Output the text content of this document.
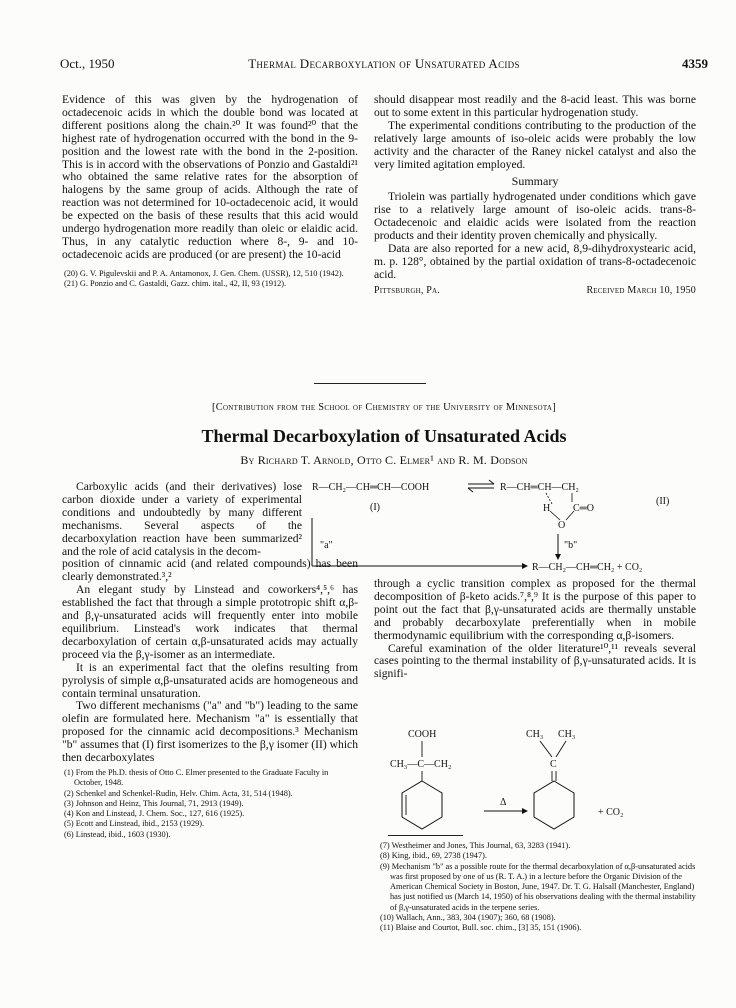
Oct., 1950	Thermal Decarboxylation of Unsaturated Acids	4359

Evidence of this was given by the hydrogenation of octadecenoic acids in which the double bond was located at different positions along the chain.²⁰ It was found²⁰ that the highest rate of hydrogenation occurred with the bond in the 9-position and the lowest rate with the bond in the 2-position. This is in accord with the observations of Ponzio and Gastaldi²¹ who obtained the same relative rates for the absorption of halogens by the same group of acids. Although the rate of reaction was not determined for 10-octadecenoic acid, it would be expected on the basis of these results that this acid would undergo hydrogenation more readily than oleic or elaidic acid. Thus, in any catalytic reduction where 8-, 9- and 10-octadecenoic acids are produced (or are present) the 10-acid

(20) G. V. Pigulevskii and P. A. Antamonox, J. Gen. Chem. (USSR), 12, 510 (1942).

(21) G. Ponzio and C. Gastaldi, Gazz. chim. ital., 42, II, 93 (1912).

should disappear most readily and the 8-acid least. This was borne out to some extent in this particular hydrogenation study.

The experimental conditions contributing to the production of the relatively large amounts of iso-oleic acids were probably the low activity and the character of the Raney nickel catalyst and also the very limited agitation employed.

Summary

Triolein was partially hydrogenated under conditions which gave rise to a relatively large amount of iso-oleic acids. trans-8-Octadecenoic and elaidic acids were isolated from the reaction products and their identity proven chemically and physically.

Data are also reported for a new acid, 8,9-dihydroxystearic acid, m. p. 128°, obtained by the partial oxidation of trans-8-octadecenoic acid.

Pittsburgh, Pa.	Received March 10, 1950
[Contribution from the School of Chemistry of the University of Minnesota]
Thermal Decarboxylation of Unsaturated Acids
By Richard T. Arnold, Otto C. Elmer¹ and R. M. Dodson
R—CH₂—CH═CH—COOH
(I)
R—CH═CH—CH₂
H
O
C═O
(II)
"a"	"b"
R—CH₂—CH═CH₂ + CO₂

Carboxylic acids (and their derivatives) lose carbon dioxide under a variety of experimental conditions and undoubtedly by many different mechanisms. Several aspects of the decarboxylation reaction have been summarized² and the role of acid catalysis in the decom-

position of cinnamic acid (and related compounds) has been clearly demonstrated.³,²

An elegant study by Linstead and coworkers⁴,⁵,⁶ has established the fact that through a simple prototropic shift α,β- and β,γ-unsaturated acids will frequently enter into mobile equilibrium. Linstead's work indicates that thermal decarboxylation of certain α,β-unsaturated acids may actually proceed via the β,γ-isomer as an intermediate.

It is an experimental fact that the olefins resulting from pyrolysis of simple α,β-unsaturated acids are homogeneous and contain terminal unsaturation.

Two different mechanisms ("a" and "b") leading to the same olefin are formulated here. Mechanism "a" is essentially that proposed for the cinnamic acid decompositions.³ Mechanism "b" assumes that (I) first isomerizes to the β,γ isomer (II) which then decarboxylates

(1) From the Ph.D. thesis of Otto C. Elmer presented to the Graduate Faculty in October, 1948.

(2) Schenkel and Schenkel-Rudin, Helv. Chim. Acta, 31, 514 (1948).

(3) Johnson and Heinz, This Journal, 71, 2913 (1949).

(4) Kon and Linstead, J. Chem. Soc., 127, 616 (1925).

(5) Ecott and Linstead, ibid., 2153 (1929).

(6) Linstead, ibid., 1603 (1930).

through a cyclic transition complex as proposed for the thermal decomposition of β-keto acids.⁷,⁸,⁹ It is the purpose of this paper to point out the fact that β,γ-unsaturated acids are thermally unstable and probably decarboxylate preferentially when in mobile thermodynamic equilibrium with the corresponding α,β-isomers.

Careful examination of the older literature¹⁰,¹¹ reveals several cases pointing to the thermal instability of β,γ-unsaturated acids. It is signifi-

COOH
CH₃—C—CH₂
Δ
CH₃ CH₃
C
+ CO₂

(7) Westheimer and Jones, This Journal, 63, 3283 (1941).

(8) King, ibid., 69, 2738 (1947).

(9) Mechanism "b" as a possible route for the thermal decarboxylation of α,β-unsaturated acids was first proposed by one of us (R. T. A.) in a lecture before the Organic Division of the American Chemical Society in Boston, June, 1947. Dr. T. G. Halsall (Manchester, England) has just notified us (March 14, 1950) of his observations dealing with the thermal instability of β,γ-unsaturated acids in the terpene series.

(10) Wallach, Ann., 383, 304 (1907); 360, 68 (1908).

(11) Blaise and Courtot, Bull. soc. chim., [3] 35, 151 (1906).
